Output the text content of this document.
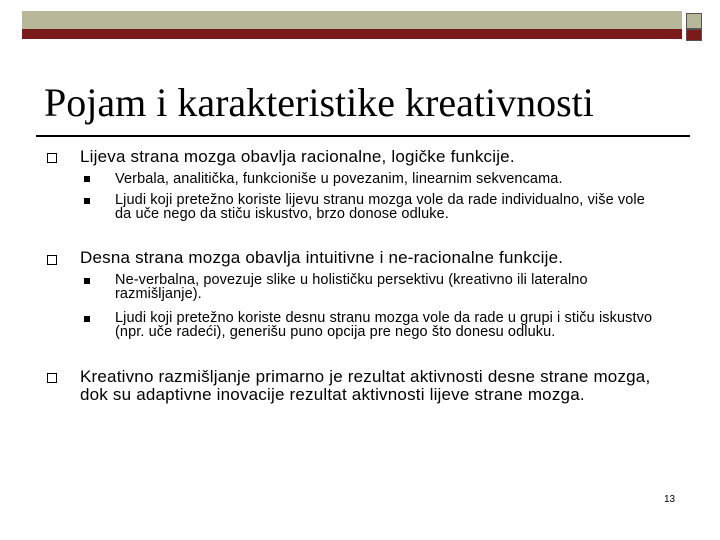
Pojam i karakteristike kreativnosti
Lijeva strana mozga obavlja racionalne, logičke funkcije.
Verbala, analitička, funkcioniše u povezanim, linearnim sekvencama.
Ljudi koji pretežno koriste lijevu stranu mozga vole da rade individualno, više vole da uče nego da stiču iskustvo, brzo donose odluke.
Desna strana mozga obavlja intuitivne i ne-racionalne funkcije.
Ne-verbalna, povezuje slike u holističku persektivu (kreativno ili lateralno razmišljanje).
Ljudi koji pretežno koriste desnu stranu mozga vole da rade u grupi i stiču iskustvo (npr. uče radeći), generišu puno opcija pre nego što donesu odluku.
Kreativno razmišljanje primarno je rezultat aktivnosti desne strane mozga, dok su adaptivne inovacije rezultat aktivnosti lijeve strane mozga.
13
